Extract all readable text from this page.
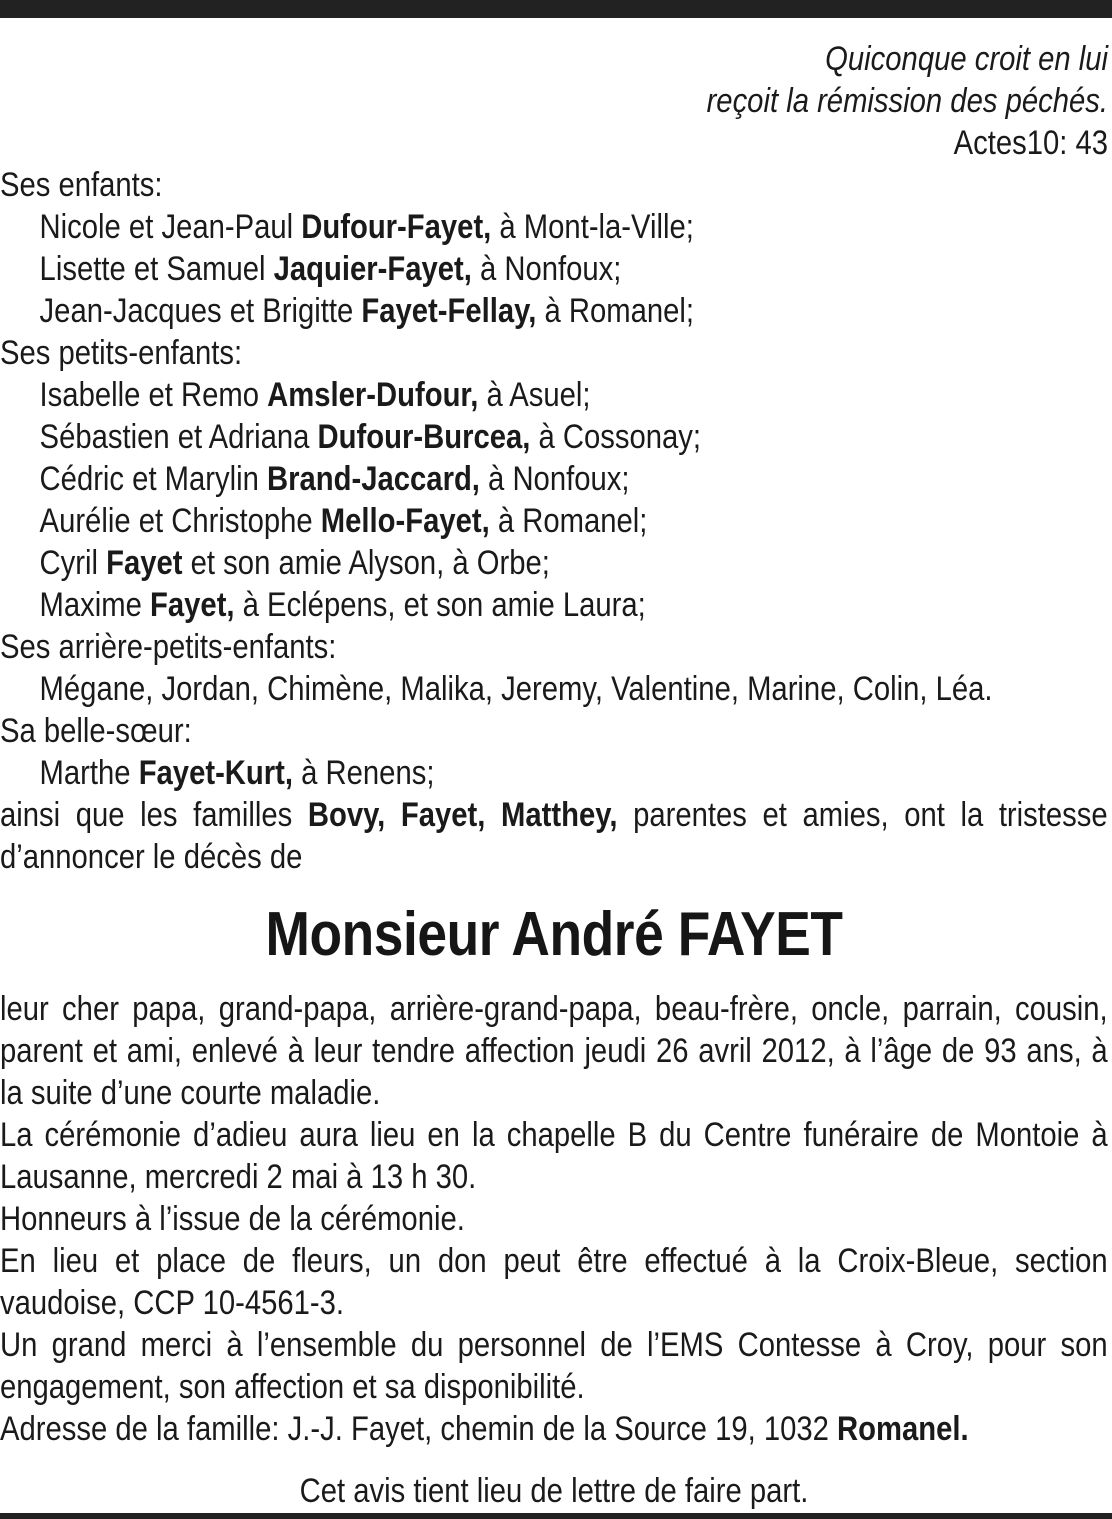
Quiconque croit en lui
reçoit la rémission des péchés.
Actes10: 43
Ses enfants:
Nicole et Jean-Paul Dufour-Fayet, à Mont-la-Ville;
Lisette et Samuel Jaquier-Fayet, à Nonfoux;
Jean-Jacques et Brigitte Fayet-Fellay, à Romanel;
Ses petits-enfants:
Isabelle et Remo Amsler-Dufour, à Asuel;
Sébastien et Adriana Dufour-Burcea, à Cossonay;
Cédric et Marylin Brand-Jaccard, à Nonfoux;
Aurélie et Christophe Mello-Fayet, à Romanel;
Cyril Fayet et son amie Alyson, à Orbe;
Maxime Fayet, à Eclépens, et son amie Laura;
Ses arrière-petits-enfants:
Mégane, Jordan, Chimène, Malika, Jeremy, Valentine, Marine, Colin, Léa.
Sa belle-sœur:
Marthe Fayet-Kurt, à Renens;
ainsi que les familles Bovy, Fayet, Matthey, parentes et amies, ont la tristesse d’annoncer le décès de
Monsieur André FAYET
leur cher papa, grand-papa, arrière-grand-papa, beau-frère, oncle, parrain, cousin, parent et ami, enlevé à leur tendre affection jeudi 26 avril 2012, à l’âge de 93 ans, à la suite d’une courte maladie.
La cérémonie d’adieu aura lieu en la chapelle B du Centre funéraire de Montoie à Lausanne, mercredi 2 mai à 13 h 30.
Honneurs à l’issue de la cérémonie.
En lieu et place de fleurs, un don peut être effectué à la Croix-Bleue, section vaudoise, CCP 10-4561-3.
Un grand merci à l’ensemble du personnel de l’EMS Contesse à Croy, pour son engagement, son affection et sa disponibilité.
Adresse de la famille: J.-J. Fayet, chemin de la Source 19, 1032 Romanel.
Cet avis tient lieu de lettre de faire part.
